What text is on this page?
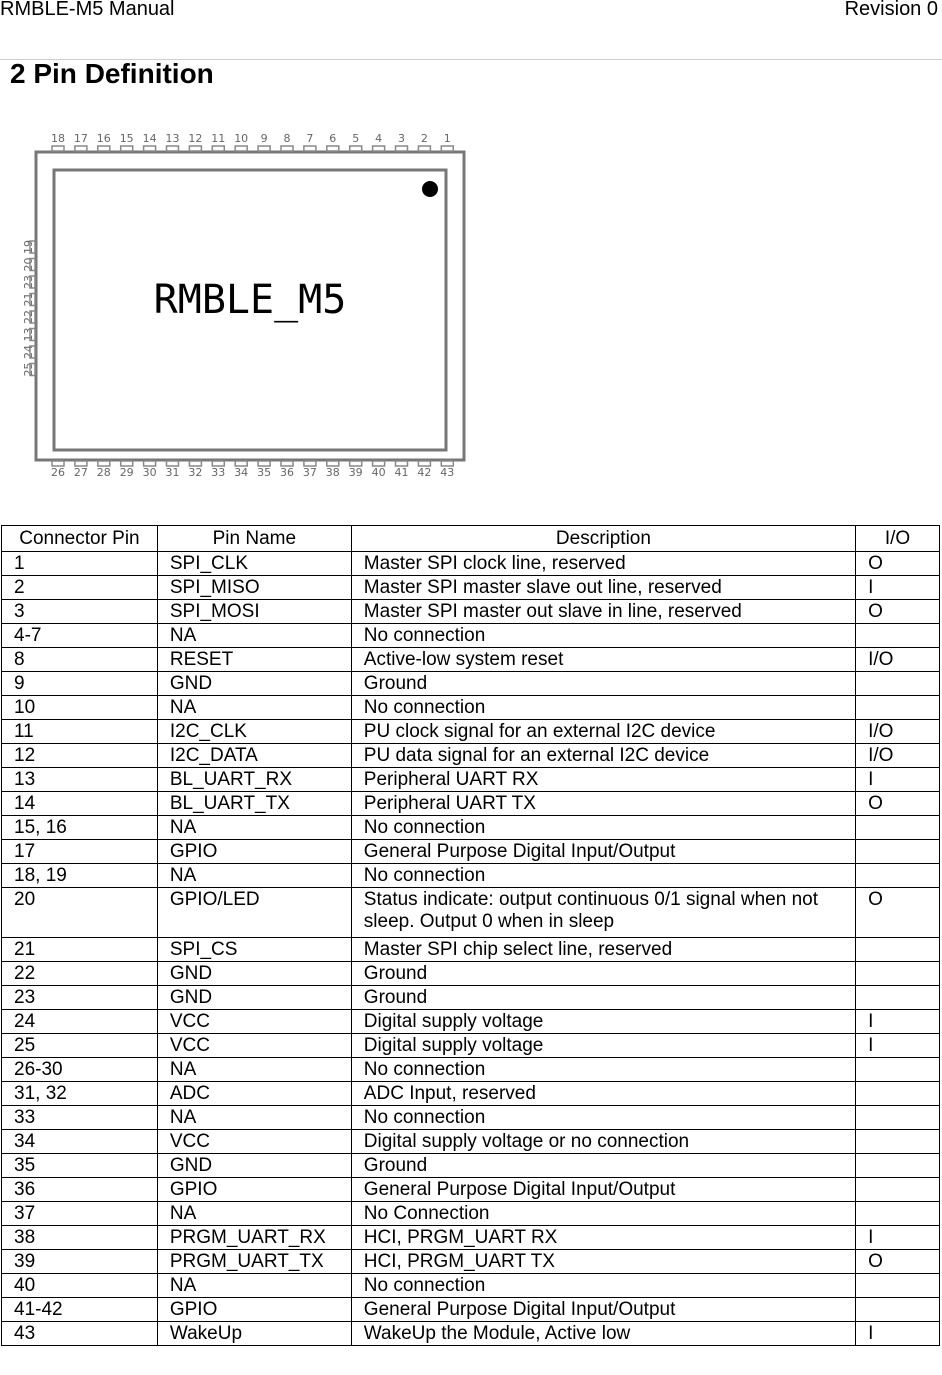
RMBLE-M5 Manual	Revision 0
2 Pin Definition
RMBLE_M5
18 17 16 15 14 13 12 11 10 9 8 7 6 5 4 3 2 1
26 27 28 29 30 31 32 33 34 35 36 37 38 39 40 41 42 43
19
20
23
21
22
13
24
25
Connector Pin	Pin Name	Description	I/O
1	SPI_CLK	Master SPI clock line, reserved	O
2	SPI_MISO	Master SPI master slave out line, reserved	I
3	SPI_MOSI	Master SPI master out slave in line, reserved	O
4-7	NA	No connection	
8	RESET	Active-low system reset	I/O
9	GND	Ground	
10	NA	No connection	
11	I2C_CLK	PU clock signal for an external I2C device	I/O
12	I2C_DATA	PU data signal for an external I2C device	I/O
13	BL_UART_RX	Peripheral UART RX	I
14	BL_UART_TX	Peripheral UART TX	O
15, 16	NA	No connection	
17	GPIO	General Purpose Digital Input/Output	
18, 19	NA	No connection	
20	GPIO/LED	Status indicate: output continuous 0/1 signal when not sleep. Output 0 when in sleep	O
21	SPI_CS	Master SPI chip select line, reserved	
22	GND	Ground	
23	GND	Ground	
24	VCC	Digital supply voltage	I
25	VCC	Digital supply voltage	I
26-30	NA	No connection	
31, 32	ADC	ADC Input, reserved	
33	NA	No connection	
34	VCC	Digital supply voltage or no connection	
35	GND	Ground	
36	GPIO	General Purpose Digital Input/Output	
37	NA	No Connection	
38	PRGM_UART_RX	HCI, PRGM_UART RX	I
39	PRGM_UART_TX	HCI, PRGM_UART TX	O
40	NA	No connection	
41-42	GPIO	General Purpose Digital Input/Output	
43	WakeUp	WakeUp the Module, Active low	I
